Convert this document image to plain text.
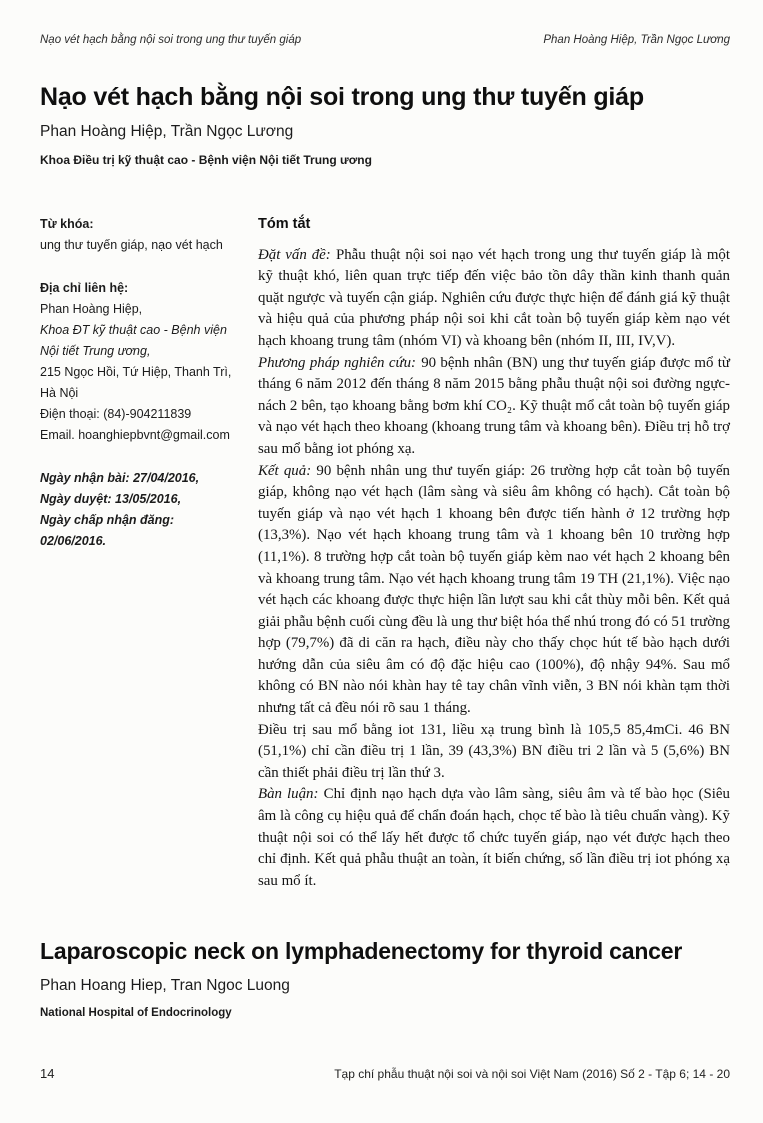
Nạo vét hạch bằng nội soi trong ung thư tuyến giáp	Phan Hoàng Hiệp, Trần Ngọc Lương
Nạo vét hạch bằng nội soi trong ung thư tuyến giáp
Phan Hoàng Hiệp, Trần Ngọc Lương
Khoa Điều trị kỹ thuật cao - Bệnh viện Nội tiết Trung ương
Từ khóa:
ung thư tuyến giáp, nạo vét hạch
Địa chỉ liên hệ:
Phan Hoàng Hiệp,
Khoa ĐT kỹ thuật cao - Bệnh viện
Nội tiết Trung ương,
215 Ngọc Hồi, Tứ Hiệp, Thanh Trì,
Hà Nội
Điện thoại: (84)-904211839
Email. hoanghiepbvnt@gmail.com
Ngày nhận bài: 27/04/2016,
Ngày duyệt: 13/05/2016,
Ngày chấp nhận đăng:
02/06/2016.
Tóm tắt

Đặt vấn đề: Phẫu thuật nội soi nạo vét hạch trong ung thư tuyến giáp là một kỹ thuật khó, liên quan trực tiếp đến việc bảo tồn dây thần kinh thanh quản quặt ngược và tuyến cận giáp. Nghiên cứu được thực hiện để đánh giá kỹ thuật và hiệu quả của phương pháp nội soi khi cắt toàn bộ tuyến giáp kèm nạo vét hạch khoang trung tâm (nhóm VI) và khoang bên (nhóm II, III, IV,V).

Phương pháp nghiên cứu: 90 bệnh nhân (BN) ung thư tuyến giáp được mổ từ tháng 6 năm 2012 đến tháng 8 năm 2015 bằng phẫu thuật nội soi đường ngực-nách 2 bên, tạo khoang bằng bơm khí CO₂. Kỹ thuật mổ cắt toàn bộ tuyến giáp và nạo vét hạch theo khoang (khoang trung tâm và khoang bên). Điều trị hỗ trợ sau mổ bằng iot phóng xạ.

Kết quả: 90 bệnh nhân ung thư tuyến giáp: 26 trường hợp cắt toàn bộ tuyến giáp, không nạo vét hạch (lâm sàng và siêu âm không có hạch). Cắt toàn bộ tuyến giáp và nạo vét hạch 1 khoang bên được tiến hành ở 12 trường hợp (13,3%). Nạo vét hạch khoang trung tâm và 1 khoang bên 10 trường hợp (11,1%). 8 trường hợp cắt toàn bộ tuyến giáp kèm nao vét hạch 2 khoang bên và khoang trung tâm. Nạo vét hạch khoang trung tâm 19 TH (21,1%). Việc nạo vét hạch các khoang được thực hiện lần lượt sau khi cắt thùy mỗi bên. Kết quả giải phẫu bệnh cuối cùng đều là ung thư biệt hóa thể nhú trong đó có 51 trường hợp (79,7%) đã di căn ra hạch, điều này cho thấy chọc hút tế bào hạch dưới hướng dẫn của siêu âm có độ đặc hiệu cao (100%), độ nhậy 94%. Sau mổ không có BN nào nói khàn hay tê tay chân vĩnh viễn, 3 BN nói khàn tạm thời nhưng tất cả đều nói rõ sau 1 tháng.

Điều trị sau mổ bằng iot 131, liều xạ trung bình là 105,5 85,4mCi. 46 BN (51,1%) chỉ cần điều trị 1 lần, 39 (43,3%) BN điều tri 2 lần và 5 (5,6%) BN cần thiết phải điều trị lần thứ 3.

Bàn luận: Chỉ định nạo hạch dựa vào lâm sàng, siêu âm và tế bào học (Siêu âm là công cụ hiệu quả để chẩn đoán hạch, chọc tế bào là tiêu chuẩn vàng). Kỹ thuật nội soi có thể lấy hết được tổ chức tuyến giáp, nạo vét được hạch theo chỉ định. Kết quả phẫu thuật an toàn, ít biến chứng, số lần điều trị iot phóng xạ sau mổ ít.

Laparoscopic neck on lymphadenectomy for thyroid cancer
Phan Hoang Hiep, Tran Ngoc Luong
National Hospital of Endocrinology
14	Tạp chí phẫu thuật nội soi và nội soi Việt Nam (2016) Số 2 - Tập 6; 14 - 20
